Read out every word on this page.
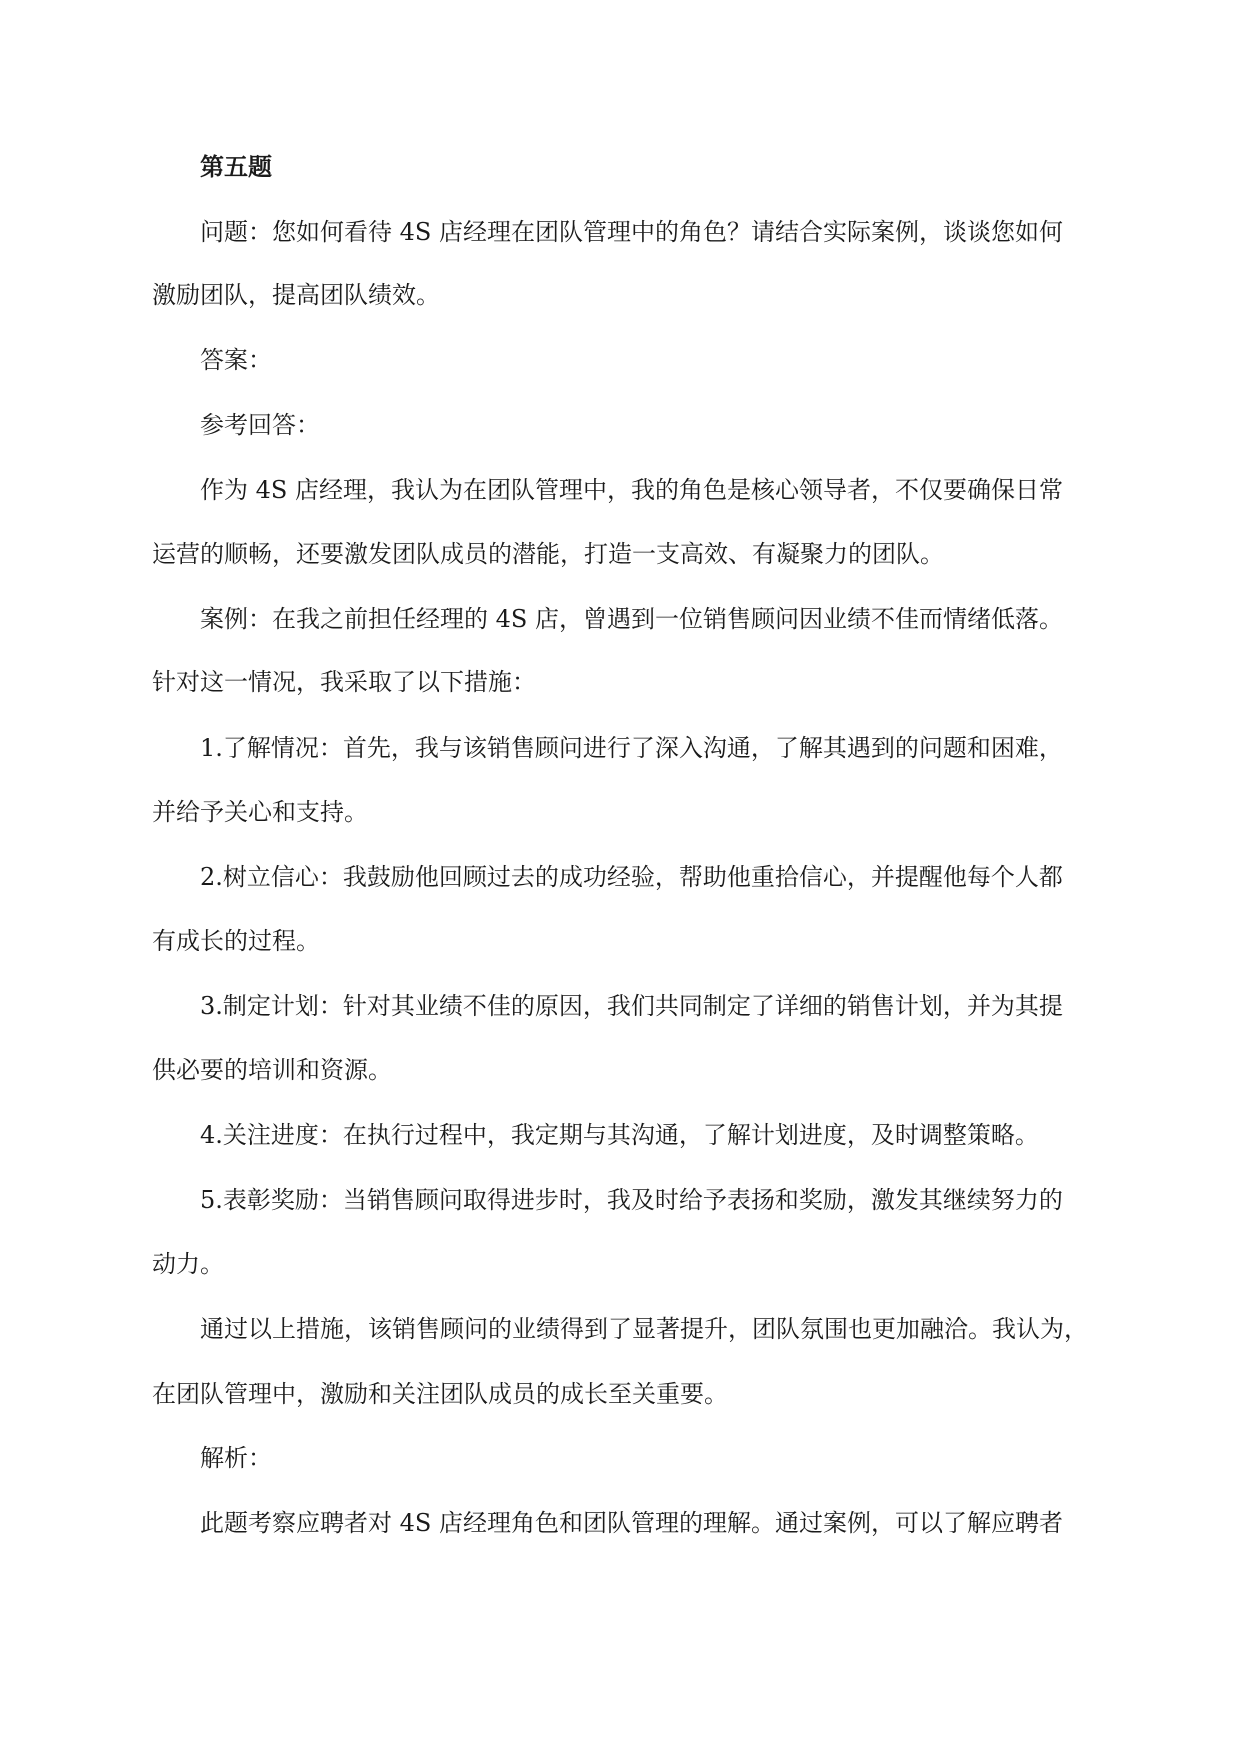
第五题

问题：您如何看待 4S 店经理在团队管理中的角色？请结合实际案例，谈谈您如何

激励团队，提高团队绩效。

答案：

参考回答：

作为 4S 店经理，我认为在团队管理中，我的角色是核心领导者，不仅要确保日常

运营的顺畅，还要激发团队成员的潜能，打造一支高效、有凝聚力的团队。

案例：在我之前担任经理的 4S 店，曾遇到一位销售顾问因业绩不佳而情绪低落。

针对这一情况，我采取了以下措施：

1.了解情况：首先，我与该销售顾问进行了深入沟通，了解其遇到的问题和困难，

并给予关心和支持。

2.树立信心：我鼓励他回顾过去的成功经验，帮助他重拾信心，并提醒他每个人都

有成长的过程。

3.制定计划：针对其业绩不佳的原因，我们共同制定了详细的销售计划，并为其提

供必要的培训和资源。

4.关注进度：在执行过程中，我定期与其沟通，了解计划进度，及时调整策略。

5.表彰奖励：当销售顾问取得进步时，我及时给予表扬和奖励，激发其继续努力的

动力。

通过以上措施，该销售顾问的业绩得到了显著提升，团队氛围也更加融洽。我认为，

在团队管理中，激励和关注团队成员的成长至关重要。

解析：

此题考察应聘者对 4S 店经理角色和团队管理的理解。通过案例，可以了解应聘者
